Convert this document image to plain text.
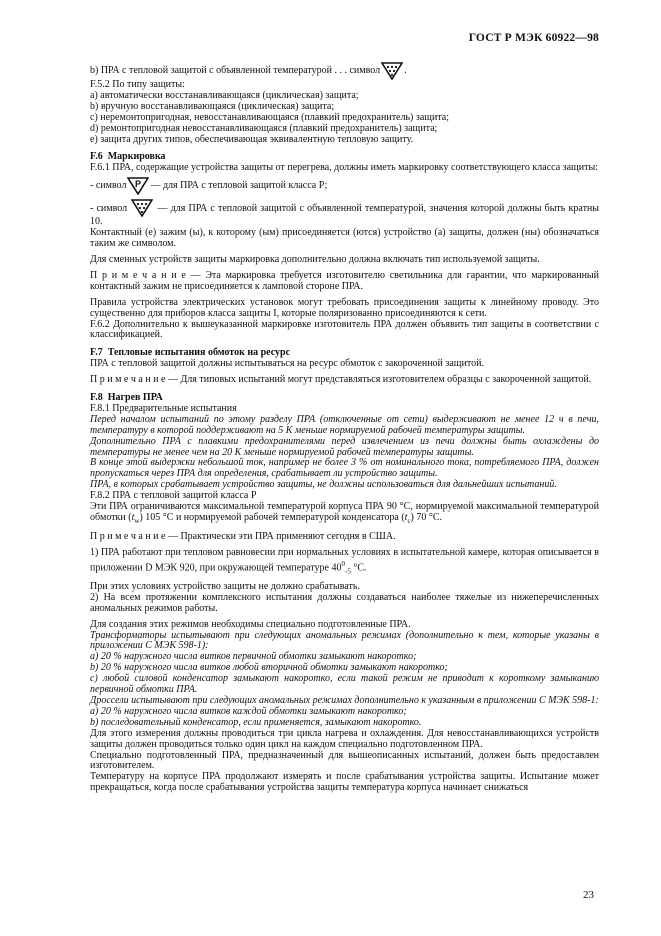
ГОСТ Р МЭК 60922—98

b) ПРА с тепловой защитой с объявленной температурой . . . символ .

F.5.2 По типу защиты:

a) автоматически восстанавливающаяся (циклическая) защита;

b) вручную восстанавливающаяся (циклическая) защита;

c) неремонтопригодная, невосстанавливающаяся (плавкий предохранитель) защита;

d) ремонтопригодная невосстанавливающаяся (плавкий предохранитель) защита;

e) защита других типов, обеспечивающая эквивалентную тепловую защиту.

F.6 Маркировка

F.6.1 ПРА, содержащие устройства защиты от перегрева, должны иметь маркировку соответствующего класса защиты:

- символ P — для ПРА с тепловой защитой класса Р;

- символ	— для ПРА с тепловой защитой с объявленной температурой, значения которой должны быть кратны 10.

Контактный (е) зажим (ы), к которому (ым) присоединяется (ются) устройство (а) защиты, должен (ны) обозначаться таким же символом.

Для сменных устройств защиты маркировка дополнительно должна включать тип используемой защиты.

П р и м е ч а н и е — Эта маркировка требуется изготовителю светильника для гарантии, что маркированный контактный зажим не присоединяется к ламповой стороне ПРА.

Правила устройства электрических установок могут требовать присоединения защиты к линейному проводу. Это существенно для приборов класса защиты I, которые поляризованно присоединяются к сети.

F.6.2 Дополнительно к вышеуказанной маркировке изготовитель ПРА должен объявить тип защиты в соответствии с классификацией.

F.7 Тепловые испытания обмоток на ресурс

ПРА с тепловой защитой должны испытываться на ресурс обмоток с закороченной защитой.

П р и м е ч а н и е — Для типовых испытаний могут представляться изготовителем образцы с закороченной защитой.

F.8 Нагрев ПРА

F.8.1 Предварительные испытания

Перед началом испытаний по этому разделу ПРА (отключенные от сети) выдерживают не менее 12 ч в печи, температуру в которой поддерживают на 5 К меньше нормируемой рабочей температуры защиты.

Дополнительно ПРА с плавкими предохранителями перед извлечением из печи должны быть охлаждены до температуры не менее чем на 20 К меньше нормируемой рабочей температуры защиты.

В конце этой выдержки небольшой ток, например не более 3 % от номинального тока, потребляемого ПРА, должен пропускаться через ПРА для определения, срабатывает ли устройство защиты.

ПРА, в которых срабатывает устройство защиты, не должны использоваться для дальнейших испытаний.

F.8.2 ПРА с тепловой защитой класса Р

Эти ПРА ограничиваются максимальной температурой корпуса ПРА 90 °С, нормируемой максимальной температурой обмотки $(t_w)$ 105 °С и нормируемой рабочей температурой конденсатора $(t_c)$ 70 °С.

П р и м е ч а н и е — Практически эти ПРА применяют сегодня в США.

1) ПРА работают при тепловом равновесии при нормальных условиях в испытательной камере, которая описывается в приложении D МЭК 920, при окружающей температуре $40^0_{-5}$ °С.

При этих условиях устройство защиты не должно срабатывать.

2) На всем протяжении комплексного испытания должны создаваться наиболее тяжелые из нижеперечисленных аномальных режимов работы.

Для создания этих режимов необходимы специально подготовленные ПРА.

Трансформаторы испытывают при следующих аномальных режимах (дополнительно к тем, которые указаны в приложении С МЭК 598-1):

a) 20 % наружного числа витков первичной обмотки замыкают накоротко;

b) 20 % наружного числа витков любой вторичной обмотки замыкают накоротко;

c) любой силовой конденсатор замыкают накоротко, если такой режим не приводит к короткому замыканию первичной обмотки ПРА.

Дроссели испытывают при следующих аномальных режимах дополнительно к указанным в приложении С МЭК 598-1:

a) 20 % наружного числа витков каждой обмотки замыкают накоротко;

b) последовательный конденсатор, если применяется, замыкают накоротко.

Для этого измерения должны проводиться три цикла нагрева и охлаждения. Для невосстанавливающихся устройств защиты должен проводиться только один цикл на каждом специально подготовленном ПРА.

Специально подготовленный ПРА, предназначенный для вышеописанных испытаний, должен быть предоставлен изготовителем.

Температуру на корпусе ПРА продолжают измерять и после срабатывания устройства защиты. Испытание может прекращаться, когда после срабатывания устройства защиты температура корпуса начинает снижаться

23
